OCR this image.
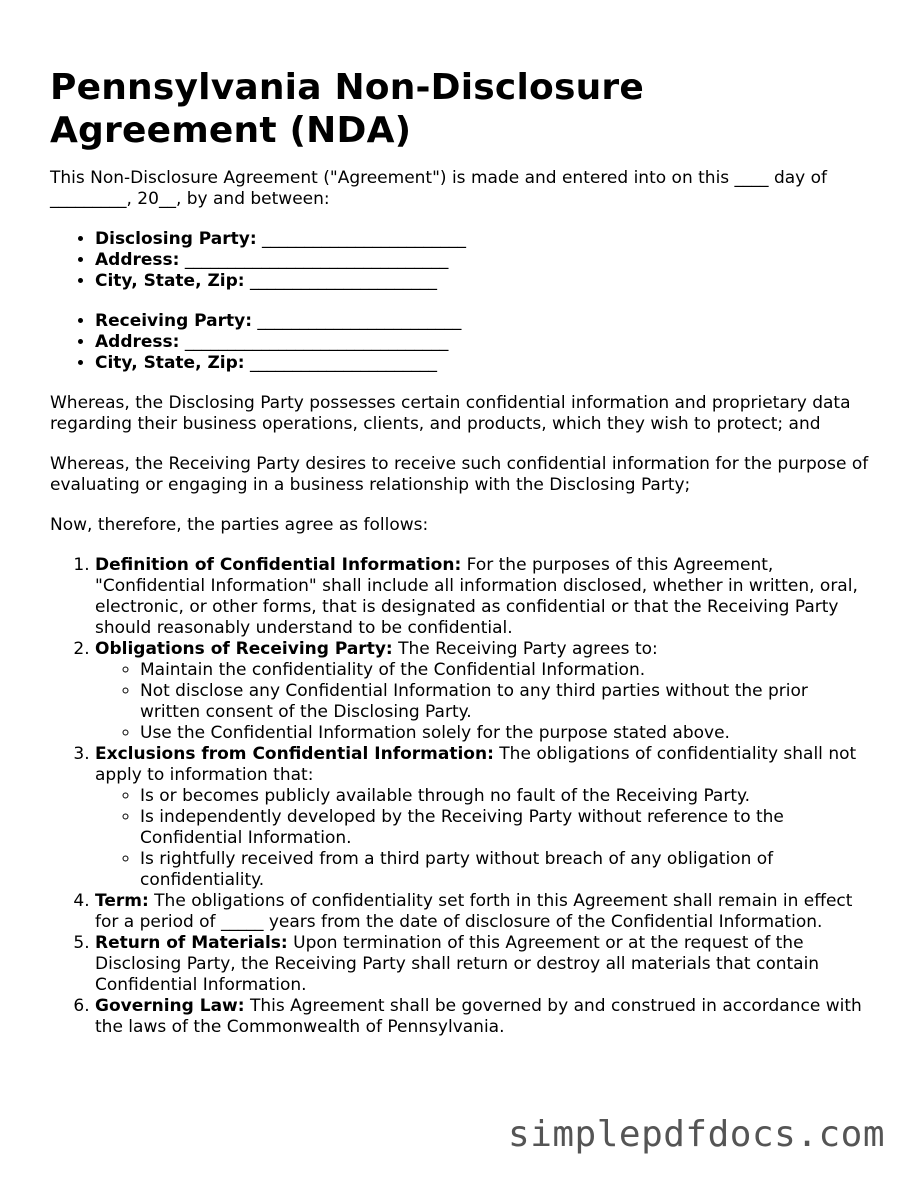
Pennsylvania Non-Disclosure Agreement (NDA)

This Non-Disclosure Agreement ("Agreement") is made and entered into on this ____ day of _________, 20__, by and between:

• Disclosing Party: ________________________
• Address: _______________________________
• City, State, Zip: ______________________
• Receiving Party: ________________________
• Address: _______________________________
• City, State, Zip: ______________________

Whereas, the Disclosing Party possesses certain confidential information and proprietary data regarding their business operations, clients, and products, which they wish to protect; and

Whereas, the Receiving Party desires to receive such confidential information for the purpose of evaluating or engaging in a business relationship with the Disclosing Party;

Now, therefore, the parties agree as follows:

1. Definition of Confidential Information: For the purposes of this Agreement, "Confidential Information" shall include all information disclosed, whether in written, oral, electronic, or other forms, that is designated as confidential or that the Receiving Party should reasonably understand to be confidential.
2. Obligations of Receiving Party: The Receiving Party agrees to:
◦ Maintain the confidentiality of the Confidential Information.
◦ Not disclose any Confidential Information to any third parties without the prior written consent of the Disclosing Party.
◦ Use the Confidential Information solely for the purpose stated above.
3. Exclusions from Confidential Information: The obligations of confidentiality shall not apply to information that:
◦ Is or becomes publicly available through no fault of the Receiving Party.
◦ Is independently developed by the Receiving Party without reference to the Confidential Information.
◦ Is rightfully received from a third party without breach of any obligation of confidentiality.
4. Term: The obligations of confidentiality set forth in this Agreement shall remain in effect for a period of _____ years from the date of disclosure of the Confidential Information.
5. Return of Materials: Upon termination of this Agreement or at the request of the Disclosing Party, the Receiving Party shall return or destroy all materials that contain Confidential Information.
6. Governing Law: This Agreement shall be governed by and construed in accordance with the laws of the Commonwealth of Pennsylvania.
simplepdfdocs.com
